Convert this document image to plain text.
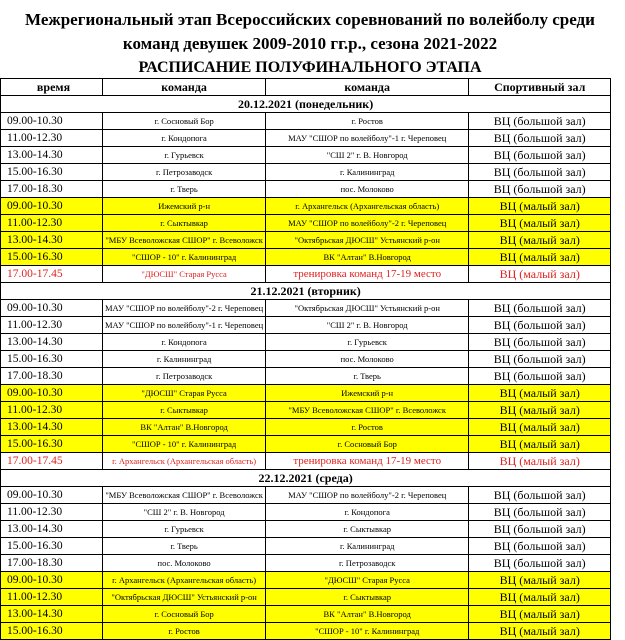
Межрегиональный этап Всероссийских соревнований по волейболу среди команд девушек 2009-2010 гг.р., сезона 2021-2022
РАСПИСАНИЕ ПОЛУФИНАЛЬНОГО ЭТАПА
	время	команда	команда	Спортивный зал
	20.12.2021 (понедельник)			
	09.00-10.30	г. Сосновый Бор	г. Ростов	ВЦ (большой зал)
	11.00-12.30	г. Кондопога	МАУ "СШОР по волейболу"-1 г. Череповец	ВЦ (большой зал)
	13.00-14.30	г. Гурьевск	"СШ 2" г. В. Новгород	ВЦ (большой зал)
	15.00-16.30	г. Петрозаводск	г. Калининград	ВЦ (большой зал)
	17.00-18.30	г. Тверь	пос. Молоково	ВЦ (большой зал)
	09.00-10.30	Ижемский р-н	г. Архангельск (Архангельская область)	ВЦ (малый зал)
	11.00-12.30	г. Сыктывкар	МАУ "СШОР по волейболу"-2 г. Череповец	ВЦ (малый зал)
	13.00-14.30	"МБУ Всеволожская СШОР" г. Всеволожск	"Октябрьская ДЮСШ" Устьянский р-он	ВЦ (малый зал)
	15.00-16.30	"СШОР - 10" г. Калининград	ВК "Алтан" В.Новгород	ВЦ (малый зал)
	17.00-17.45	"ДЮСШ" Старая Русса	тренировка команд 17-19 место	ВЦ (малый зал)
	21.12.2021 (вторник)			
	09.00-10.30	МАУ "СШОР по волейболу"-2 г. Череповец	"Октябрьская ДЮСШ" Устьянский р-он	ВЦ (большой зал)
	11.00-12.30	МАУ "СШОР по волейболу"-1 г. Череповец	"СШ 2" г. В. Новгород	ВЦ (большой зал)
	13.00-14.30	г. Кондопога	г. Гурьевск	ВЦ (большой зал)
	15.00-16.30	г. Калининград	пос. Молоково	ВЦ (большой зал)
	17.00-18.30	г. Петрозаводск	г. Тверь	ВЦ (большой зал)
	09.00-10.30	"ДЮСШ" Старая Русса	Ижемский р-н	ВЦ (малый зал)
	11.00-12.30	г. Сыктывкар	"МБУ Всеволожская СШОР" г. Всеволожск	ВЦ (малый зал)
	13.00-14.30	ВК "Алтан" В.Новгород	г. Ростов	ВЦ (малый зал)
	15.00-16.30	"СШОР - 10" г. Калининград	г. Сосновый Бор	ВЦ (малый зал)
	17.00-17.45	г. Архангельск (Архангельская область)	тренировка команд 17-19 место	ВЦ (малый зал)
	22.12.2021 (среда)			
	09.00-10.30	"МБУ Всеволожская СШОР" г. Всеволожск	МАУ "СШОР по волейболу"-2 г. Череповец	ВЦ (большой зал)
	11.00-12.30	"СШ 2" г. В. Новгород	г. Кондопога	ВЦ (большой зал)
	13.00-14.30	г. Гурьевск	г. Сыктывкар	ВЦ (большой зал)
	15.00-16.30	г. Тверь	г. Калининград	ВЦ (большой зал)
	17.00-18.30	пос. Молоково	г. Петрозаводск	ВЦ (большой зал)
	09.00-10.30	г. Архангельск (Архангельская область)	"ДЮСШ" Старая Русса	ВЦ (малый зал)
	11.00-12.30	"Октябрьская ДЮСШ" Устьянский р-он	г. Сыктывкар	ВЦ (малый зал)
	13.00-14.30	г. Сосновый Бор	ВК "Алтан" В.Новгород	ВЦ (малый зал)
	15.00-16.30	г. Ростов	"СШОР - 10" г. Калининград	ВЦ (малый зал)
